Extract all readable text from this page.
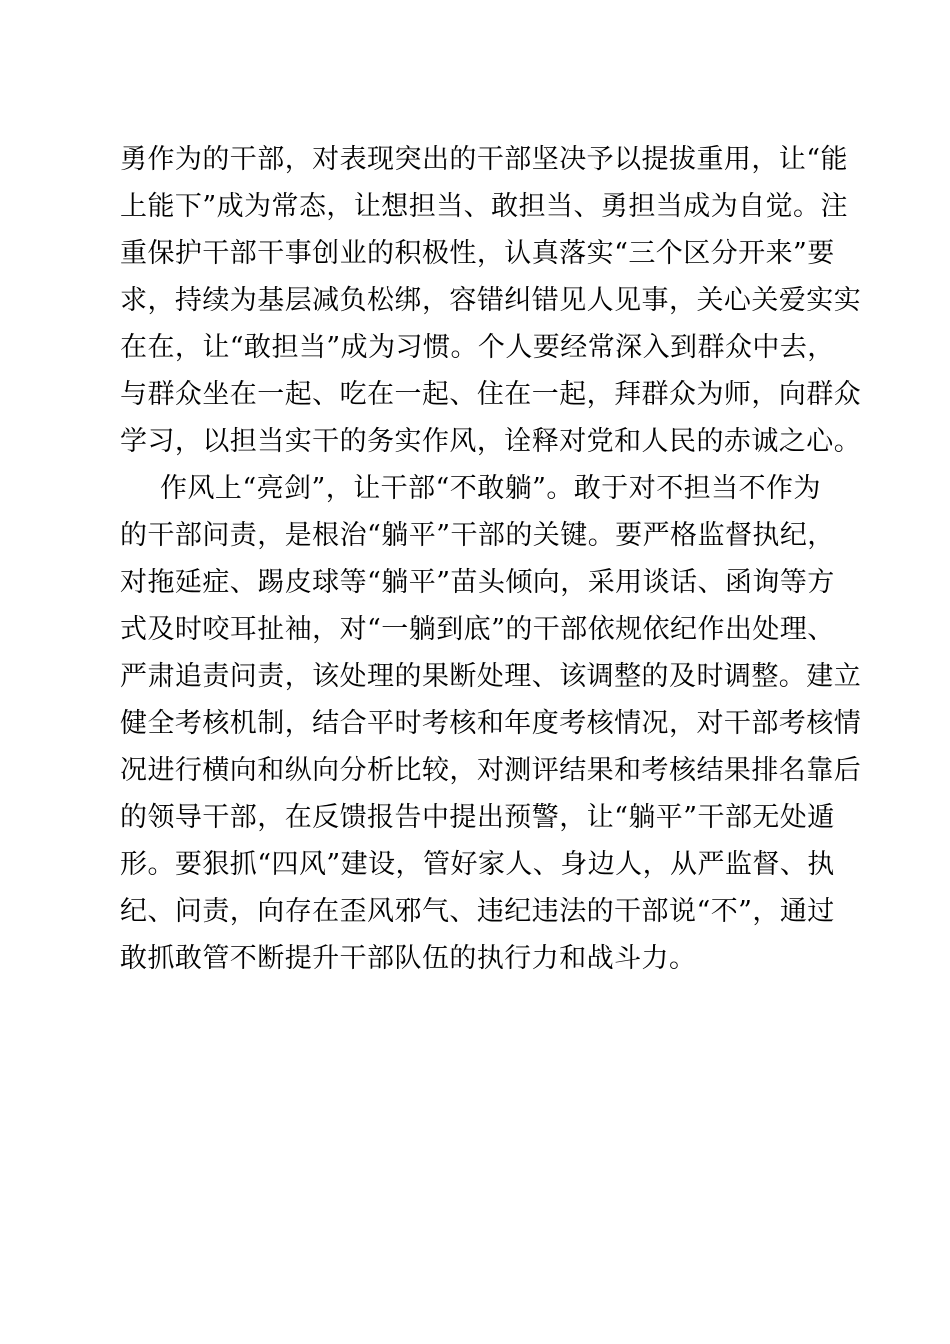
勇作为的干部，对表现突出的干部坚决予以提拔重用，让“能
上能下”成为常态，让想担当、敢担当、勇担当成为自觉。注
重保护干部干事创业的积极性，认真落实“三个区分开来”要
求，持续为基层减负松绑，容错纠错见人见事，关心关爱实实
在在，让“敢担当”成为习惯。个人要经常深入到群众中去，
与群众坐在一起、吃在一起、住在一起，拜群众为师，向群众
学习，以担当实干的务实作风，诠释对党和人民的赤诚之心。
作风上“亮剑”，让干部“不敢躺”。敢于对不担当不作为
的干部问责，是根治“躺平”干部的关键。要严格监督执纪，
对拖延症、踢皮球等“躺平”苗头倾向，采用谈话、函询等方
式及时咬耳扯袖，对“一躺到底”的干部依规依纪作出处理、
严肃追责问责，该处理的果断处理、该调整的及时调整。建立
健全考核机制，结合平时考核和年度考核情况，对干部考核情
况进行横向和纵向分析比较，对测评结果和考核结果排名靠后
的领导干部，在反馈报告中提出预警，让“躺平”干部无处遁
形。要狠抓“四风”建设，管好家人、身边人，从严监督、执
纪、问责，向存在歪风邪气、违纪违法的干部说“不”，通过
敢抓敢管不断提升干部队伍的执行力和战斗力。
